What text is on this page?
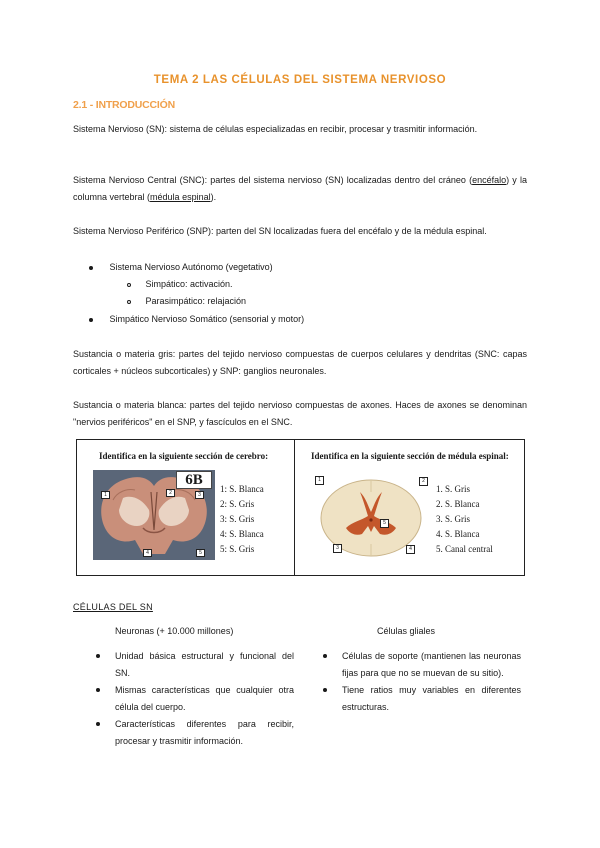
TEMA 2 LAS CÉLULAS DEL SISTEMA NERVIOSO
2.1 - INTRODUCCIÓN
Sistema Nervioso (SN): sistema de células especializadas en recibir, procesar y trasmitir información.
Sistema Nervioso Central (SNC): partes del sistema nervioso (SN) localizadas dentro del cráneo (encéfalo) y la columna vertebral (médula espinal).
Sistema Nervioso Periférico (SNP): parten del SN localizadas fuera del encéfalo y de la médula espinal.
Sistema Nervioso Autónomo (vegetativo)
Simpático: activación.
Parasimpático: relajación
Simpático Nervioso Somático (sensorial y motor)
Sustancia o materia gris: partes del tejido nervioso compuestas de cuerpos celulares y dendritas (SNC: capas corticales + núcleos subcorticales) y SNP: ganglios neuronales.
Sustancia o materia blanca: partes del tejido nervioso compuestas de axones. Haces de axones se denominan "nervios periféricos" en el SNP, y fascículos en el SNC.
Identifica en la siguiente sección de cerebro:
6B
1	2	3
4	5
1: S. Blanca
2: S. Gris
3: S. Gris
4: S. Blanca
5: S. Gris
Identifica en la siguiente sección de médula espinal:
1	2
3	4
5
1. S. Gris
2. S. Blanca
3. S. Gris
4. S. Blanca
5. Canal central
CÉLULAS DEL SN
Neuronas (+ 10.000 millones)	Células gliales
Unidad básica estructural y funcional del SN.
Mismas características que cualquier otra célula del cuerpo.
Características diferentes para recibir, procesar y trasmitir información.
Células de soporte (mantienen las neuronas fijas para que no se muevan de su sitio).
Tiene ratios muy variables en diferentes estructuras.
